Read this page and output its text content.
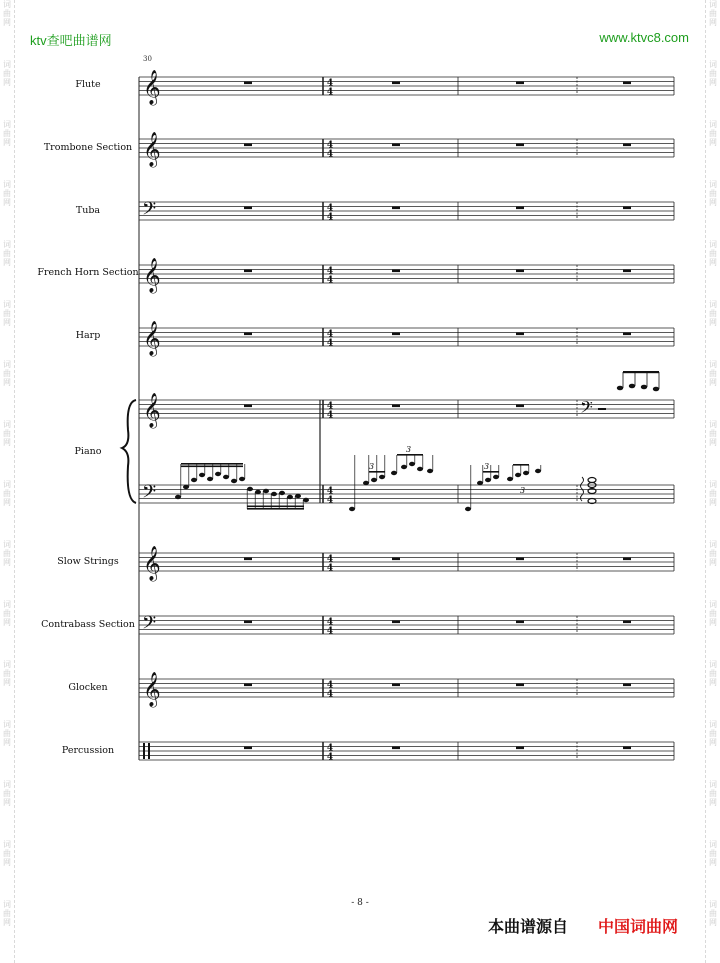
词
曲
网
词
曲
网
词
曲
网
词
曲
网
词
曲
网
词
曲
网
词
曲
网
词
曲
网
词
曲
网
词
曲
网
词
曲
网
词
曲
网
词
曲
网
词
曲
网
词
曲
网
词
曲
网
词
曲
网
词
曲
网
词
曲
网
词
曲
网
词
曲
网
词
曲
网
词
曲
网
词
曲
网
词
曲
网
词
曲
网
词
曲
网
词
曲
网
词
曲
网
词
曲
网
词
曲
网
词
曲
网
ktv查吧曲谱网	www.ktvc8.com
30
Flute
Trombone Section
Tuba
French Horn Section
Harp
Piano
Slow Strings
Contrabass Section
Glocken
Percussion
𝄞	4
4
𝄞	4
4
𝄢	4
4
𝄞	4
4
𝄞	4
4
𝄞	4
4
𝄢	4
4
𝄞	4
4
𝄢	4
4
𝄞	4
4
4
4
𝄢
3
3
3
3
- 8 -
本曲谱源自 中国词曲网
